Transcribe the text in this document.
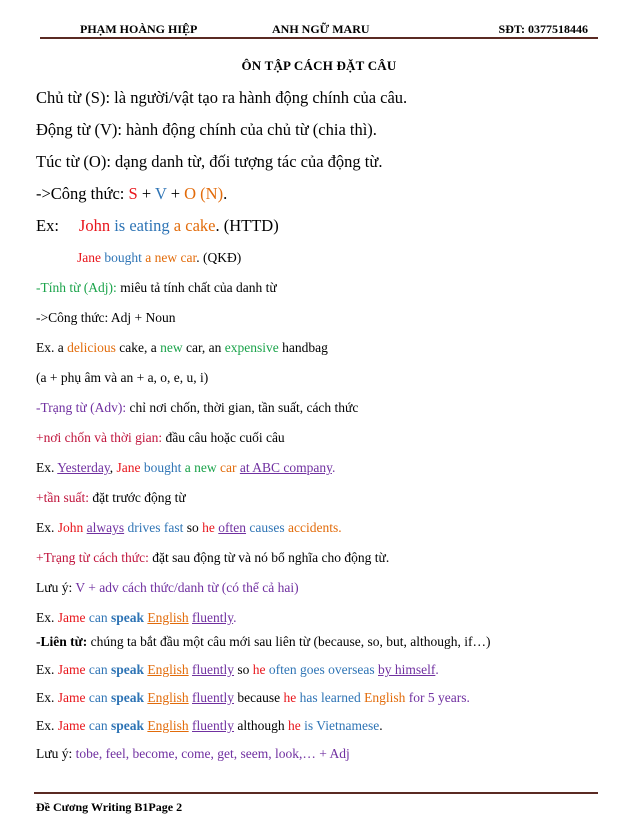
PHẠM HOÀNG HIỆP	ANH NGỮ MARU	SĐT: 0377518446
ÔN TẬP CÁCH ĐẶT CÂU
Chủ từ (S): là người/vật tạo ra hành động chính của câu.
Động từ (V): hành động chính của chủ từ (chia thì).
Túc từ (O): dạng danh từ, đối tượng tác của động từ.
->Công thức: S + V + O (N).
Ex: John is eating a cake. (HTTD)
Jane bought a new car. (QKĐ)
-Tính từ (Adj): miêu tả tính chất của danh từ
->Công thức: Adj + Noun
Ex. a delicious cake, a new car, an expensive handbag
(a + phụ âm và an + a, o, e, u, i)
-Trạng từ (Adv): chỉ nơi chốn, thời gian, tần suất, cách thức
+nơi chốn và thời gian: đầu câu hoặc cuối câu
Ex. Yesterday, Jane bought a new car at ABC company.
+tần suất: đặt trước động từ
Ex. John always drives fast so he often causes accidents.
+Trạng từ cách thức: đặt sau động từ và nó bổ nghĩa cho động từ.
Lưu ý: V + adv cách thức/danh từ (có thể cả hai)
Ex. Jame can speak English fluently.
-Liên từ: chúng ta bắt đầu một câu mới sau liên từ (because, so, but, although, if…)
Ex. Jame can speak English fluently so he often goes overseas by himself.
Ex. Jame can speak English fluently because he has learned English for 5 years.
Ex. Jame can speak English fluently although he is Vietnamese.
Lưu ý: tobe, feel, become, come, get, seem, look,… + Adj
Đề Cương Writing B1Page 2
